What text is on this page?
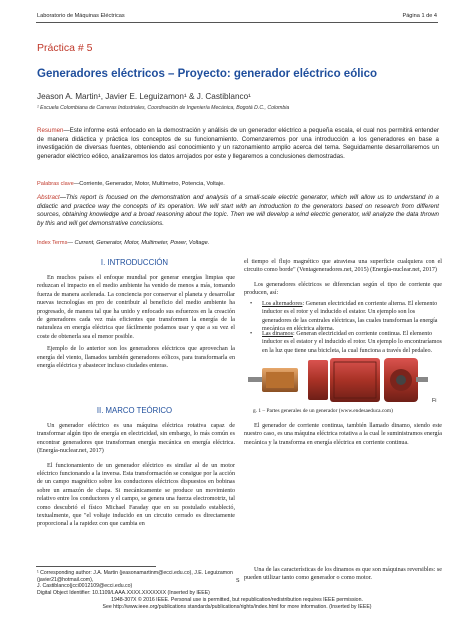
Laboratorio de Máquinas Eléctricas	Página 1 de 4
Práctica # 5
Generadores eléctricos – Proyecto: generador eléctrico eólico
Jeason A. Martin¹, Javier E. Leguizamon¹ & J. Castiblanco¹
¹ Escuela Colombiana de Carreras Industriales, Coordinación de Ingeniería Mecánica, Bogotá D.C., Colombia
Resumen—Este informe está enfocado en la demostración y análisis de un generador eléctrico a pequeña escala, el cual nos permitirá entender de manera didáctica y práctica los conceptos de su funcionamiento. Comenzaremos por una introducción a los generadores en base a investigación de diversas fuentes, obteniendo así conocimiento y un razonamiento amplio acerca del tema. Seguidamente desarrollaremos un generador eléctrico eólico, analizaremos los datos arrojados por este y llegaremos a conclusiones demostradas.
Palabras clave—Corriente, Generador, Motor, Multímetro, Potencia, Voltaje.
Abstract—This report is focused on the demonstration and analysis of a small-scale electric generator, which will allow us to understand in a didactic and practice way the concepts of its operation. We will start with an introduction to the generators based on research from different sources, obtaining knowledge and a broad reasoning about the topic. Then we will develop a wind electric generator, will analyze the data thrown by this and will get demonstrative conclusions.
Index Terms— Current, Generator, Motor, Multimeter, Power, Voltage.
I. INTRODUCCIÓN

En muchos países el enfoque mundial por generar energías limpias que reduzcan el impacto en el medio ambiente ha venido de menos a más, tomando fuerza de manera acelerada. La conciencia por conservar el planeta y desarrollar nuevas tecnologías en pro de contribuir al beneficio del medio ambiente ha progresado, de manera tal que ha unido y enfocado sus esfuerzos en la creación de generadores cada vez más eficientes que transformen la energía de la naturaleza en energía eléctrica que fácilmente podamos usar y que a su vez el coste de obtenerla sea el menor posible.

Ejemplo de lo anterior son los generadores eléctricos que aprovechan la energía del viento, llamados también generadores eólicos, para transformarla en energía eléctrica y abastecer incluso ciudades enteras.

II. MARCO TEÓRICO

Un generador eléctrico es una máquina eléctrica rotativa capaz de transformar algún tipo de energía en electricidad, sin embargo, lo más común es encontrar generadores que transforman energía mecánica en energía eléctrica. (Energía-nuclear.net, 2017)

El funcionamiento de un generador eléctrico es similar al de un motor eléctrico funcionando a la inversa. Esta transformación se consigue por la acción de un campo magnético sobre los conductores eléctricos dispuestos en bobinas sobre un armazón de chapa. Si mecánicamente se produce un movimiento relativo entre los conductores y el campo, se genera una fuerza electromotriz, tal como descubrió el físico Michael Faraday que en su postulado estableció, textualmente, que "el voltaje inducido en un circuito cerrado es directamente proporcional a la rapidez con que cambia en

el tiempo el flujo magnético que atraviesa una superficie cualquiera con el circuito como borde" (Ventageneradores.net, 2015) (Energía-nuclear.net, 2017)

Los generadores eléctricos se diferencian según el tipo de corriente que producen, así:

• Los alternadores: Generan electricidad en corriente alterna. El elemento inductor es el rotor y el inducido el estator. Un ejemplo son los generadores de las centrales eléctricas, las cuales transforman la energía mecánica en eléctrica alterna.
• Las dinamos: Generan electricidad en corriente continua. El elemento inductor es el estator y el inducido el rotor. Un ejemplo lo encontraríamos en la luz que tiene una bicicleta, la cual funciona a través del pedaleo.
Fi
g. 1 – Partes generales de un generador (www.endesaeduca.com)

El generador de corriente continua, también llamado dinamo, siendo este nuestro caso, es una máquina eléctrica rotativa a la cual le suministramos energía mecánica y la transforma en energía eléctrica en corriente continua.

Una de las características de los dinamos es que son máquinas reversibles: se pueden utilizar tanto como generador o como motor.

¹ Corresponding author: J.A. Martin (jeasonamartinm@ecci.edu.co), J.E. Leguizamon (javier21@hotmail.com),
J. Castiblanco(jcci0012109@ecci.edu.co)
Digital Object Identifier: 10.1109/LAAA.XXXX.XXXXXXX (Inserted by IEEE)
S
1948-307X © 2016 IEEE. Personal use is permitted, but republication/redistribution requires IEEE permission.
See http://www.ieee.org/publications standards/publications/rights/index.html for more information. (Inserted by IEEE)
